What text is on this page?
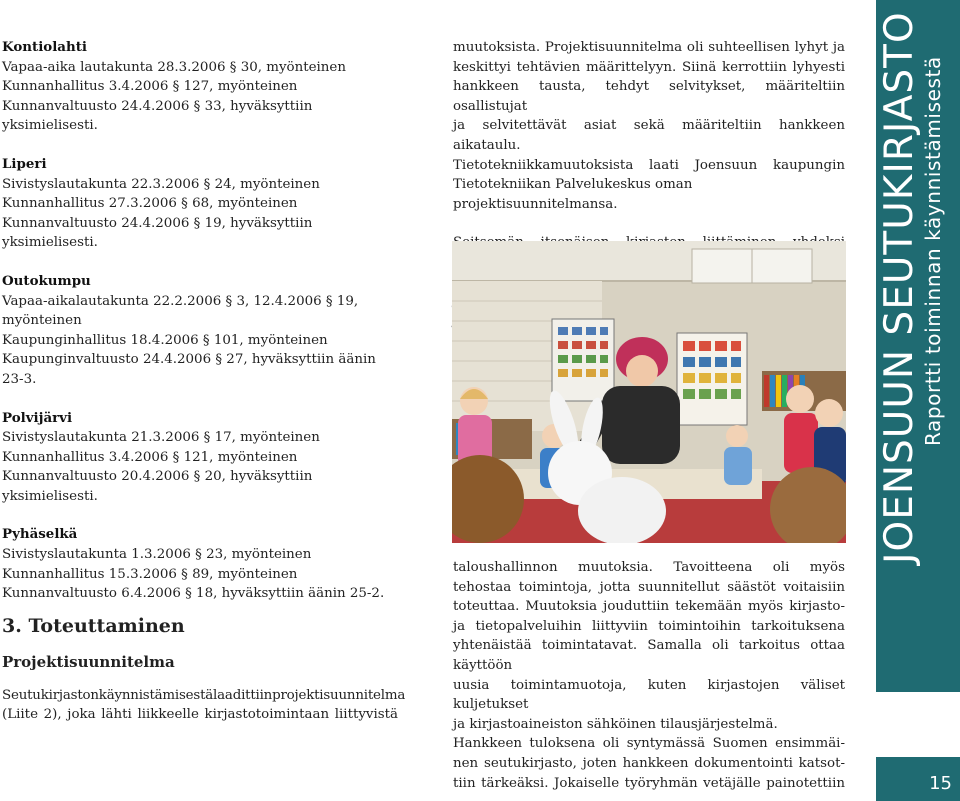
Kontiolahti
Vapaa-aika lautakunta 28.3.2006 § 30, myönteinen
Kunnanhallitus 3.4.2006 § 127, myönteinen
Kunnanvaltuusto 24.4.2006 § 33, hyväksyttiin
yksimielisesti.
Liperi
Sivistyslautakunta 22.3.2006 § 24, myönteinen
Kunnanhallitus 27.3.2006 § 68, myönteinen
Kunnanvaltuusto 24.4.2006 § 19, hyväksyttiin
yksimielisesti.
Outokumpu
Vapaa-aikalautakunta 22.2.2006 § 3, 12.4.2006 § 19,
myönteinen
Kaupunginhallitus 18.4.2006 § 101, myönteinen
Kaupunginvaltuusto 24.4.2006 § 27, hyväksyttiin äänin
23-3.
Polvijärvi
Sivistyslautakunta 21.3.2006 § 17, myönteinen
Kunnanhallitus 3.4.2006 § 121, myönteinen
Kunnanvaltuusto 20.4.2006 § 20, hyväksyttiin
yksimielisesti.
Pyhäselkä
Sivistyslautakunta 1.3.2006 § 23, myönteinen
Kunnanhallitus 15.3.2006 § 89, myönteinen
Kunnanvaltuusto 6.4.2006 § 18, hyväksyttiin äänin 25-2.
3. Toteuttaminen
Projektisuunnitelma
Seutukirjastonkäynnistämisestälaadittiinprojektisuunnitelma
(Liite 2), joka lähti liikkeelle kirjastotoimintaan liittyvistä
muutoksista. Projektisuunnitelma oli suhteellisen lyhyt ja
keskittyi tehtävien määrittelyyn. Siinä kerrottiin lyhyesti
hankkeen tausta, tehdyt selvitykset, määriteltiin osallistujat
ja selvitettävät asiat sekä määriteltiin hankkeen aikataulu.
Tietotekniikkamuutoksista laati Joensuun kaupungin
Tietotekniikan Palvelukeskus oman projektisuunnitelmansa.
taloushallinnon muutoksia. Tavoitteena oli myös
tehostaa toimintoja, jotta suunnitellut säästöt voitaisiin
toteuttaa. Muutoksia jouduttiin tekemään myös kirjasto-
ja tietopalveluihin liittyviin toimintoihin tarkoituksena
yhtenäistää toimintatavat. Samalla oli tarkoitus ottaa käyttöön
uusia toimintamuotoja, kuten kirjastojen väliset kuljetukset
ja kirjastoaineiston sähköinen tilausjärjestelmä.
Hankkeen tuloksena oli syntymässä Suomen ensimmäi-
nen seutukirjasto, joten hankkeen dokumentointi katsot-
tiin tärkeäksi. Jokaiselle työryhmän vetäjälle painotettiin
JOENSUUN SEUTUKIRJASTO Raportti toiminnan käynnistämisestä
15
